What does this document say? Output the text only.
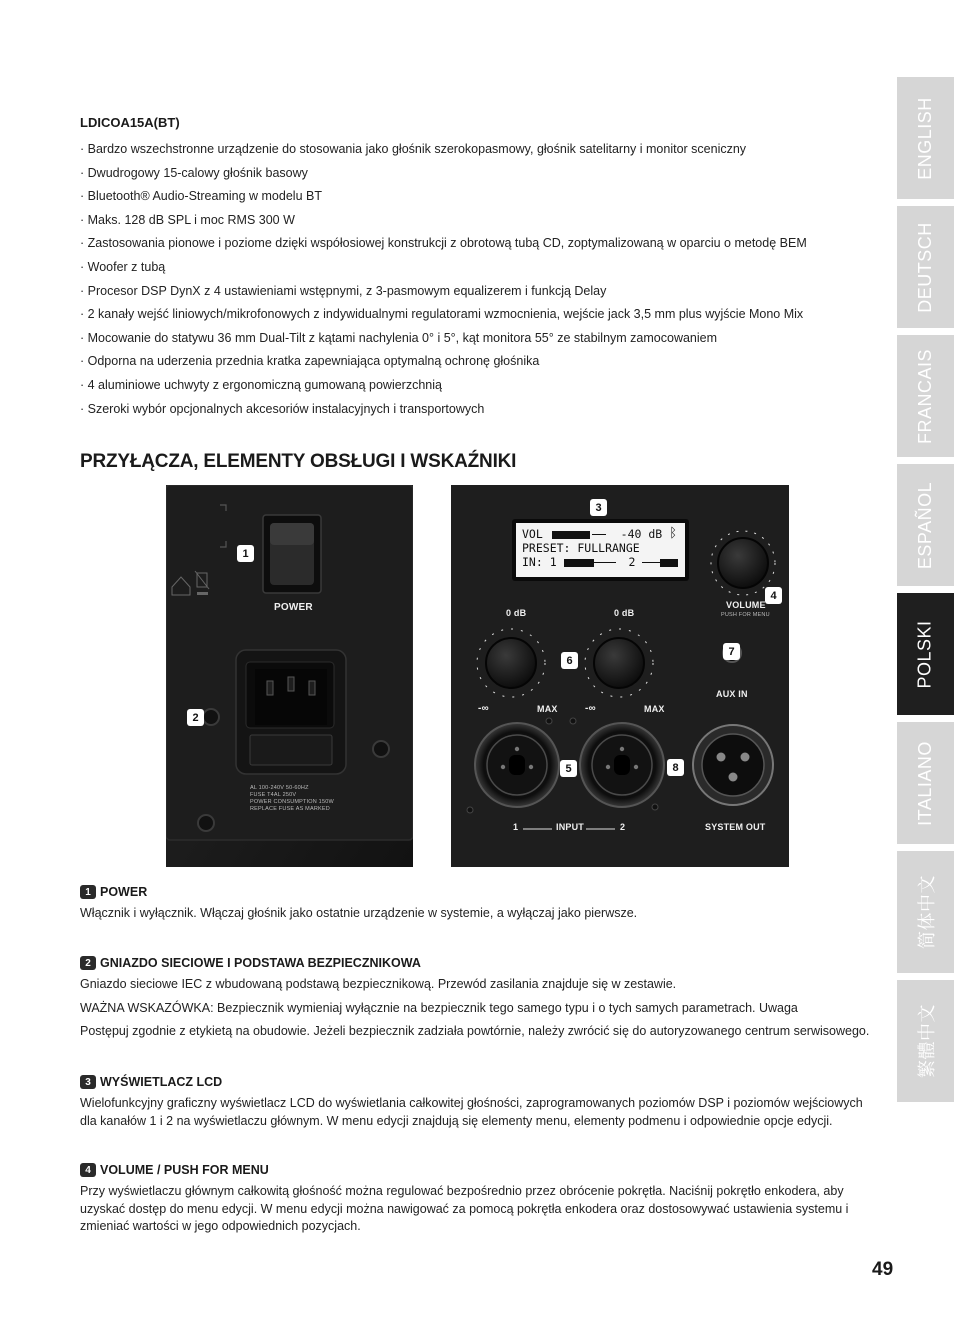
ENGLISH
DEUTSCH
FRANCAIS
ESPAÑOL
POLSKI
ITALIANO
简体中文
繁體中文
LDICOA15A(BT)
· Bardzo wszechstronne urządzenie do stosowania jako głośnik szerokopasmowy, głośnik satelitarny i monitor sceniczny
· Dwudrogowy 15-calowy głośnik basowy
· Bluetooth® Audio-Streaming w modelu BT
· Maks. 128 dB SPL i moc RMS 300 W
· Zastosowania pionowe i poziome dzięki współosiowej konstrukcji z obrotową tubą CD, zoptymalizowaną w oparciu o metodę BEM
· Woofer z tubą
· Procesor DSP DynX z 4 ustawieniami wstępnymi, z 3-pasmowym equalizerem i funkcją Delay
· 2 kanały wejść liniowych/mikrofonowych z indywidualnymi regulatorami wzmocnienia, wejście jack 3,5 mm plus wyjście Mono Mix
· Mocowanie do statywu 36 mm Dual-Tilt z kątami nachylenia 0° i 5°, kąt monitora 55° ze stabilnym zamocowaniem
· Odporna na uderzenia przednia kratka zapewniająca optymalną ochronę głośnika
· 4 aluminiowe uchwyty z ergonomiczną gumowaną powierzchnią
· Szeroki wybór opcjonalnych akcesoriów instalacyjnych i transportowych
PRZYŁĄCZA, ELEMENTY OBSŁUGI I WSKAŹNIKI
1
2
POWER
AL 100-240V 50-60HZ
FUSE T4AL 250V
POWER CONSUMPTION 150W
REPLACE FUSE AS MARKED
VOL	-40 dB ᛒ
PRESET: FULLRANGE
IN: 1	2
3
4
5
6
7
8
0 dB	0 dB
-∞	MAX	-∞	MAX
VOLUME
PUSH FOR MENU
AUX IN
1	INPUT	2	SYSTEM OUT
1 POWER

Włącznik i wyłącznik. Włączaj głośnik jako ostatnie urządzenie w systemie, a wyłączaj jako pierwsze.

2 GNIAZDO SIECIOWE I PODSTAWA BEZPIECZNIKOWA

Gniazdo sieciowe IEC z wbudowaną podstawą bezpiecznikową. Przewód zasilania znajduje się w zestawie.

WAŻNA WSKAZÓWKA: Bezpiecznik wymieniaj wyłącznie na bezpiecznik tego samego typu i o tych samych parametrach. Uwaga

Postępuj zgodnie z etykietą na obudowie. Jeżeli bezpiecznik zadziała powtórnie, należy zwrócić się do autoryzowanego centrum serwisowego.

3 WYŚWIETLACZ LCD

Wielofunkcyjny graficzny wyświetlacz LCD do wyświetlania całkowitej głośności, zaprogramowanych poziomów DSP i poziomów wejściowych dla kanałów 1 i 2 na wyświetlaczu głównym. W menu edycji znajdują się elementy menu, elementy podmenu i odpowiednie opcje edycji.

4 VOLUME / PUSH FOR MENU

Przy wyświetlaczu głównym całkowitą głośność można regulować bezpośrednio przez obrócenie pokrętła. Naciśnij pokrętło enkodera, aby uzyskać dostęp do menu edycji. W menu edycji można nawigować za pomocą pokrętła enkodera oraz dostosowywać ustawienia systemu i zmieniać wartości w jego odpowiednich pozycjach.

49
